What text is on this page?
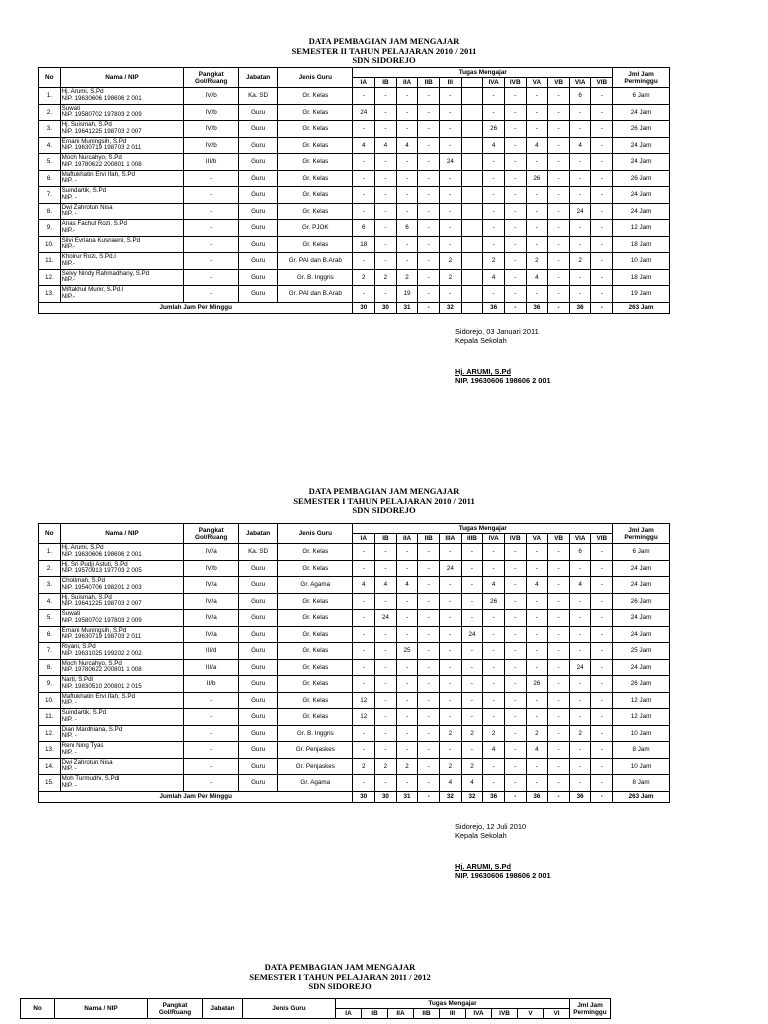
DATA PEMBAGIAN JAM MENGAJAR
SEMESTER II TAHUN PELAJARAN 2010 / 2011
SDN SIDOREJO
No	Nama / NIP	Pangkat Gol/Ruang	Jabatan	Jenis Guru	Tugas Mengajar												Jml Jam Perminggu
					IA	IB	IIA	IIB	III		IVA	IVB	VA	VB	VIA	VIB	
1.	Hj. Arumi, S.Pd
NIP. 19630606 198606 2 001	IV/b	Ka. SD	Gr. Kelas	-	-	-	-	-		-	-	-	-	6	-	6 Jam
2.	Suwati
NIP. 19580702 197803 2 009	IV/b	Guru	Gr. Kelas	24	-	-	-	-		-	-	-	-	-	-	24 Jam
3.	Hj. Suismah, S.Pd
NIP. 19641225 198703 2 007	IV/b	Guru	Gr. Kelas	-	-	-	-	-		26	-	-	-	-	-	26 Jam
4.	Ernani Muningsih, S.Pd
NIP. 19630719 198703 2 011	IV/b	Guru	Gr. Kelas	4	4	4	-	-		4	-	4	-	4	-	24 Jam
5.	Moch Nurcahyo, S.Pd
NIP. 19780622 200801 1 008	III/b	Guru	Gr. Kelas	-	-	-	-	24		-	-	-	-	-	-	24 Jam
6.	Maftukhatin Ervi Ifah, S.Pd
NIP. -	-	Guru	Gr. Kelas	-	-	-	-	-		-	-	26	-	-	-	26 Jam
7.	Suindartik, S.Pd
NIP. -	-	Guru	Gr. Kelas	-	-	-	-	-		-	-	-	-	-	-	24 Jam
8.	Dwi Zahrotun Nisa
NIP. -	-	Guru	Gr. Kelas	-	-	-	-	-		-	-	-	-	24	-	24 Jam
9.	Anas Fachul Rozi, S.Pd
NIP.-	-	Guru	Gr. PJOK	6	-	6	-	-		-	-	-	-	-	-	12 Jam
10.	Silvi Evriana Kusnaeni, S.Pd
NIP.-	-	Guru	Gr. Kelas	18	-	-	-	-		-	-	-	-	-	-	18 Jam
11.	Khoirur Rozi, S.Pd.I
NIP.-	-	Guru	Gr. PAI dan B.Arab	-	-	-	-	2		2	-	2	-	2	-	10 Jam
12.	Selvy Nindy Rahmadhany, S.Pd
NIP.-	-	Guru	Gr. B. Inggris	2	2	2	-	2		4	-	4	-	-	-	18 Jam
13.	Miftakhul Munir, S.Pd.I
NIP.-	-	Guru	Gr. PAI dan B.Arab	-	-	19	-	-		-	-	-	-	-	-	19 Jam
Jumlah Jam Per Minggu					30	30	31	-	32		36	-	36	-	36	-	263 Jam
Sidorejo, 03 Januari 2011
Kepala Sekolah
Hj. ARUMI, S.Pd
NIP. 19630606 198606 2 001
DATA PEMBAGIAN JAM MENGAJAR
SEMESTER I TAHUN PELAJARAN 2010 / 2011
SDN SIDOREJO
No	Nama / NIP	Pangkat Gol/Ruang	Jabatan	Jenis Guru	Tugas Mengajar												Jml Jam Perminggu
					IA	IB	IIA	IIB	IIIA	IIIB	IVA	IVB	VA	VB	VIA	VIB	
1.	Hj. Arumi, S.Pd
NIP. 19630606 198606 2 001	IV/a	Ka. SD	Gr. Kelas	-	-	-	-	-	-	-	-	-	-	6	-	6 Jam
2.	Hj. Sri Pudji Astuti, S.Pd
NIP. 19570913 197703 2 005	IV/b	Guru	Gr. Kelas	-	-	-	-	24	-	-	-	-	-	-	-	24 Jam
3.	Chotimah, S.Pd
NIP. 19540706 198201 2 003	IV/a	Guru	Gr. Agama	4	4	4	-	-	-	4	-	4	-	4	-	24 Jam
4.	Hj. Suismah, S.Pd
NIP. 19641225 198703 2 007	IV/a	Guru	Gr. Kelas	-	-	-	-	-	-	26	-	-	-	-	-	26 Jam
5.	Suwati
NIP. 19580702 197803 2 009	IV/a	Guru	Gr. Kelas	-	24	-	-	-	-	-	-	-	-	-	-	24 Jam
6.	Ernani Muningsih, S.Pd
NIP. 19630719 198703 2 011	IV/a	Guru	Gr. Kelas	-	-	-	-	-	24	-	-	-	-	-	-	24 Jam
7.	Riyani, S.Pd
NIP. 19631025 199202 2 002	III/d	Guru	Gr. Kelas	-	-	25	-	-	-	-	-	-	-	-	-	25 Jam
8.	Moch Nurcahyo, S.Pd
NIP. 19780622 200801 1 008	III/a	Guru	Gr. Kelas	-	-	-	-	-	-	-	-	-	-	24	-	24 Jam
9.	Narti, S.Pdl
NIP. 19830510 200801 2 015	II/b	Guru	Gr. Kelas	-	-	-	-	-	-	-	-	26	-	-	-	26 Jam
10.	Maftukhatin Ervi Ifah, S.Pd
NIP. -	-	Guru	Gr. Kelas	12	-	-	-	-	-	-	-	-	-	-	-	12 Jam
11.	Suindartik, S.Pd
NIP. -	-	Guru	Gr. Kelas	12	-	-	-	-	-	-	-	-	-	-	-	12 Jam
12.	Dian Mardhiana, S.Pd
NIP. -	-	Guru	Gr. B. Inggris	-	-	-	-	2	2	2	-	2	-	2	-	10 Jam
13.	Reni Ning Tyas
NIP. -	-	Guru	Gr. Penjaskes	-	-	-	-	-	-	4	-	4	-	-	-	8 Jam
14.	Dwi Zahrotun Nisa
NIP. -	-	Guru	Gr. Penjaskes	2	2	2	-	2	2	-	-	-	-	-	-	10 Jam
15.	Moh Turmudhi, S.Pdl
NIP. -	-	Guru	Gr. Agama	-	-	-	-	4	4	-	-	-	-	-	-	8 Jam
Jumlah Jam Per Minggu					30	30	31	-	32	32	36	-	36	-	36	-	263 Jam
Sidorejo, 12 Juli 2010
Kepala Sekolah
Hj. ARUMI, S.Pd
NIP. 19630606 198606 2 001
DATA PEMBAGIAN JAM MENGAJAR
SEMESTER I TAHUN PELAJARAN 2011 / 2012
SDN SIDOREJO
No	Nama / NIP	Pangkat Gol/Ruang	Jabatan	Jenis Guru	Tugas Mengajar									Jml Jam Perminggu
					IA	IB	IIA	IIB	III	IVA	IVB	V	VI	
